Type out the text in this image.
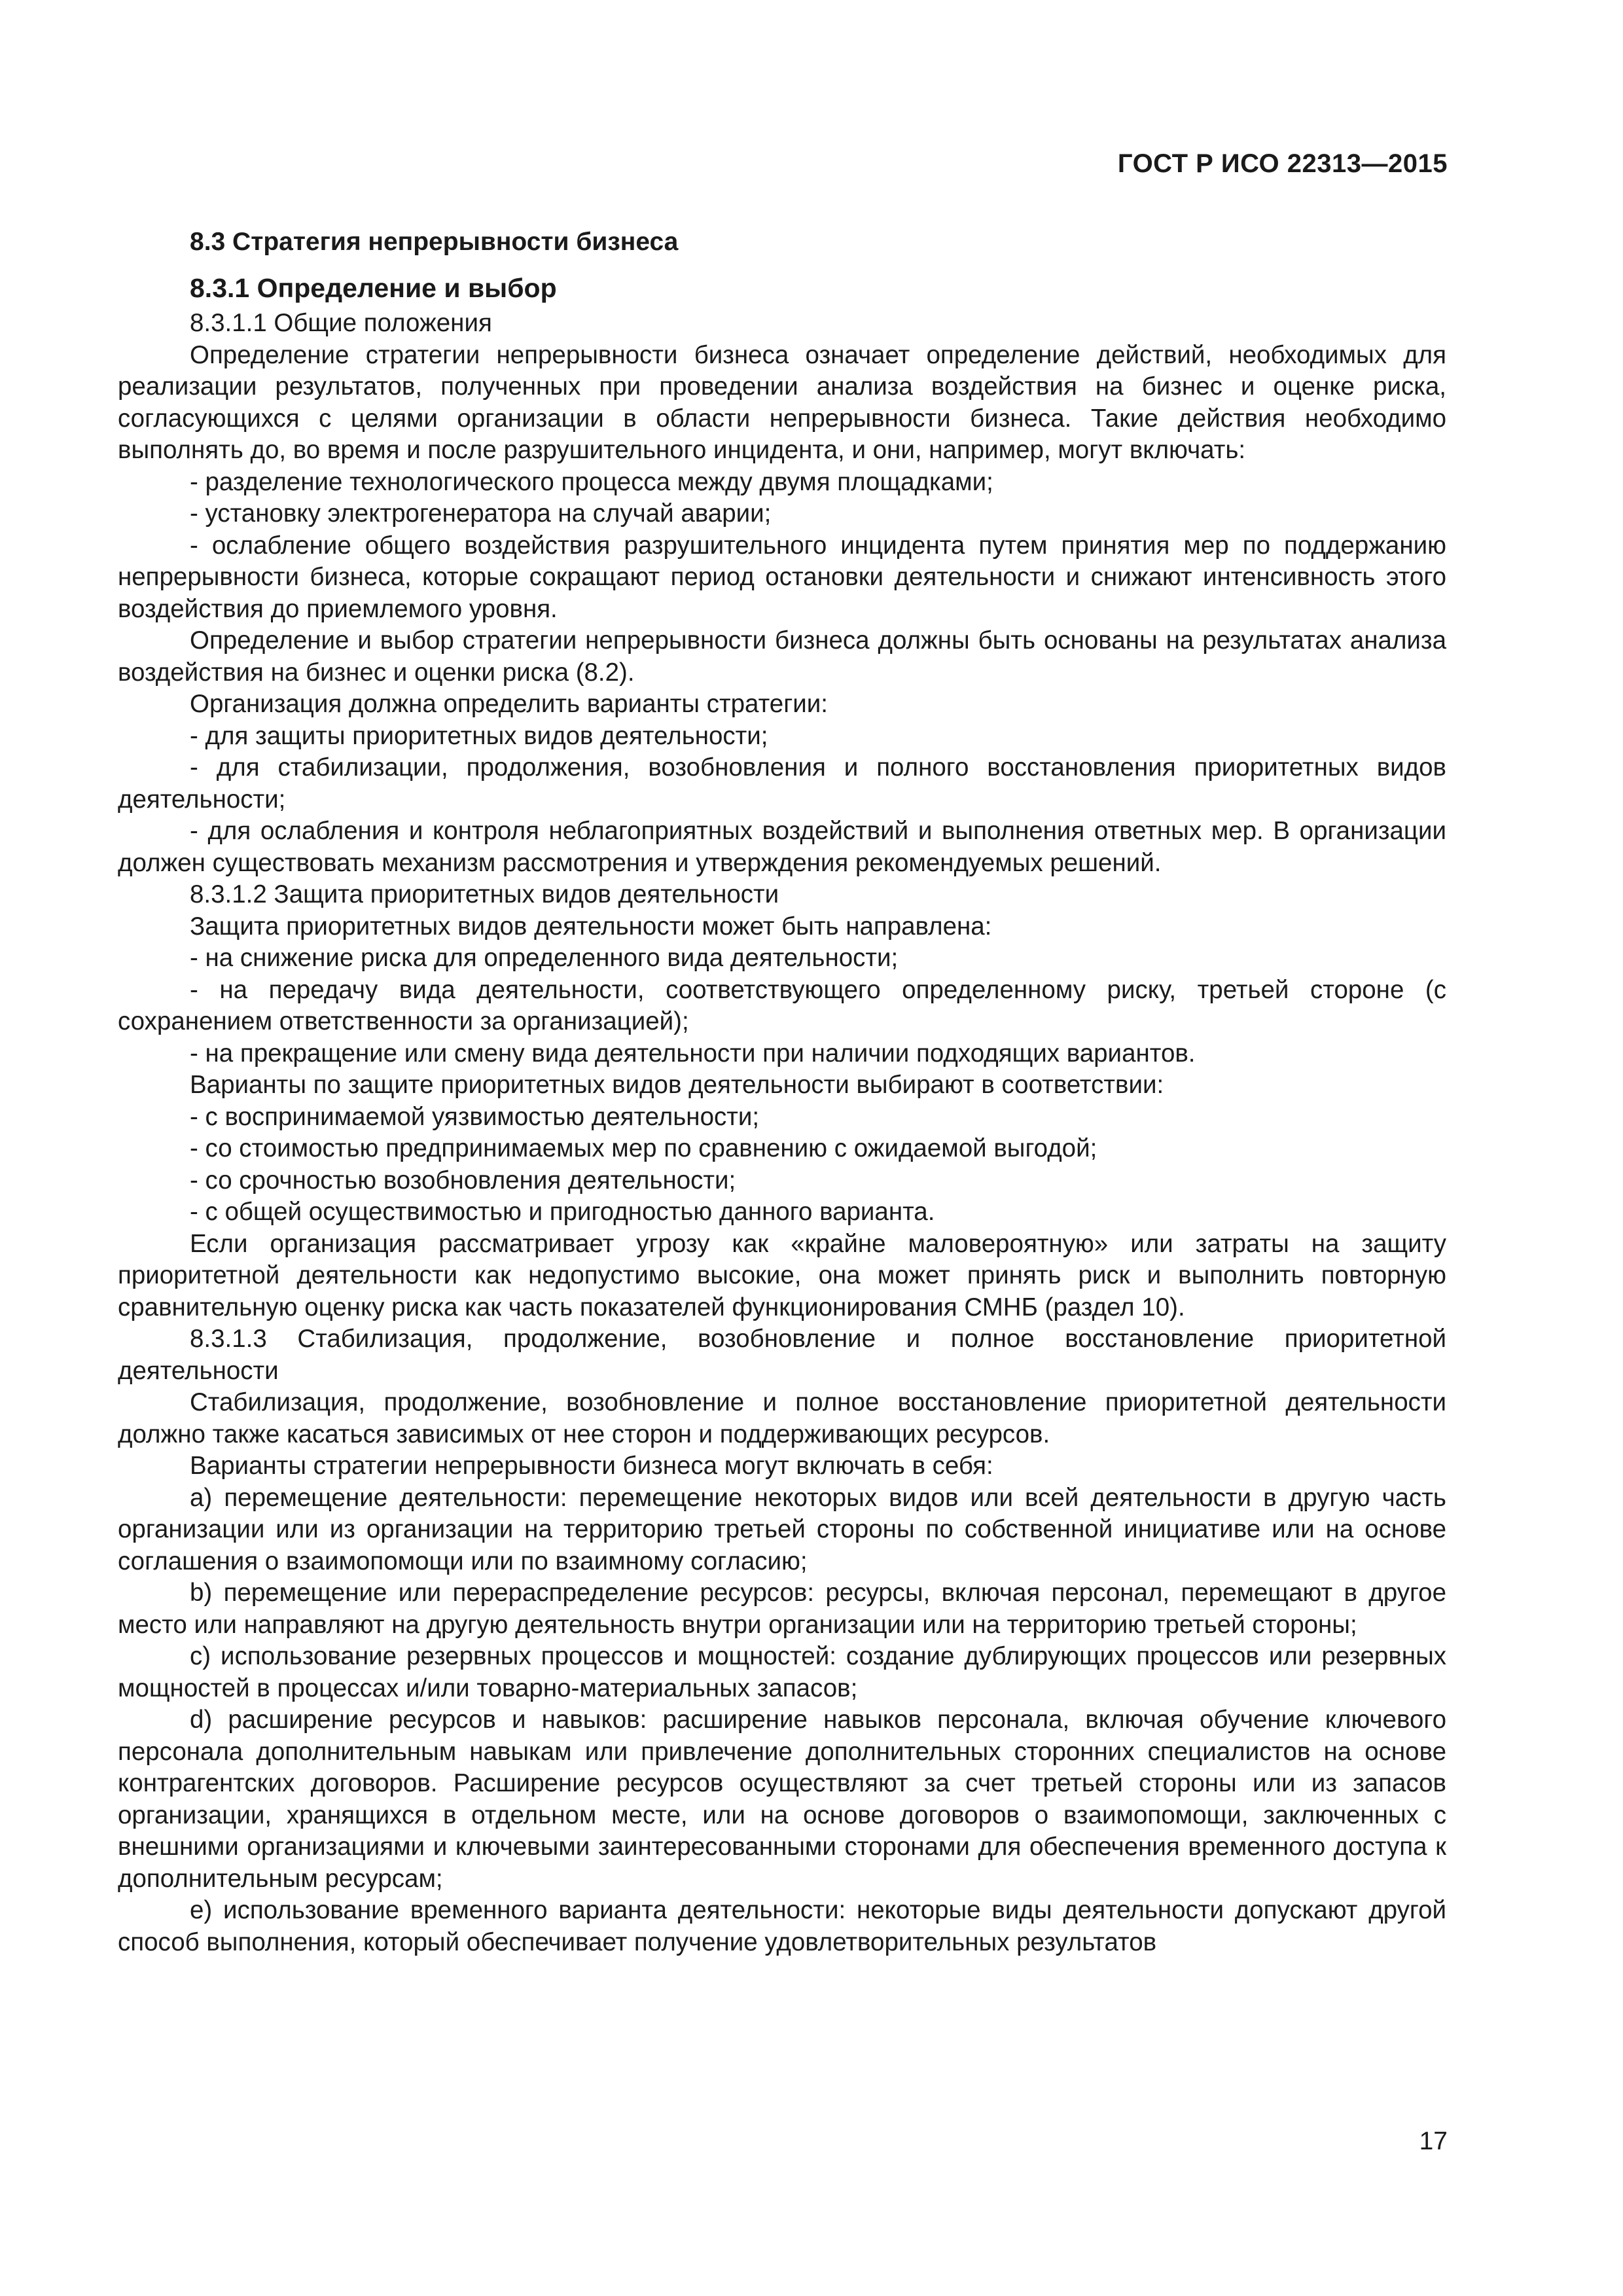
ГОСТ Р ИСО 22313—2015

8.3 Стратегия непрерывности бизнеса

8.3.1 Определение и выбор

8.3.1.1 Общие положения

Определение стратегии непрерывности бизнеса означает определение действий, необходимых для реализации результатов, полученных при проведении анализа воздействия на бизнес и оценке риска, согласующихся с целями организации в области непрерывности бизнеса. Такие действия необходимо выполнять до, во время и после разрушительного инцидента, и они, например, могут включать:

- разделение технологического процесса между двумя площадками;

- установку электрогенератора на случай аварии;

- ослабление общего воздействия разрушительного инцидента путем принятия мер по поддержанию непрерывности бизнеса, которые сокращают период остановки деятельности и снижают интенсивность этого воздействия до приемлемого уровня.

Определение и выбор стратегии непрерывности бизнеса должны быть основаны на результатах анализа воздействия на бизнес и оценки риска (8.2).

Организация должна определить варианты стратегии:

- для защиты приоритетных видов деятельности;

- для стабилизации, продолжения, возобновления и полного восстановления приоритетных видов деятельности;

- для ослабления и контроля неблагоприятных воздействий и выполнения ответных мер. В организации должен существовать механизм рассмотрения и утверждения рекомендуемых решений.

8.3.1.2 Защита приоритетных видов деятельности

Защита приоритетных видов деятельности может быть направлена:

- на снижение риска для определенного вида деятельности;

- на передачу вида деятельности, соответствующего определенному риску, третьей стороне (с сохранением ответственности за организацией);

- на прекращение или смену вида деятельности при наличии подходящих вариантов.

Варианты по защите приоритетных видов деятельности выбирают в соответствии:

- с воспринимаемой уязвимостью деятельности;

- со стоимостью предпринимаемых мер по сравнению с ожидаемой выгодой;

- со срочностью возобновления деятельности;

- с общей осуществимостью и пригодностью данного варианта.

Если организация рассматривает угрозу как «крайне маловероятную» или затраты на защиту приоритетной деятельности как недопустимо высокие, она может принять риск и выполнить повторную сравнительную оценку риска как часть показателей функционирования СМНБ (раздел 10).

8.3.1.3 Стабилизация, продолжение, возобновление и полное восстановление приоритетной деятельности

Стабилизация, продолжение, возобновление и полное восстановление приоритетной деятельности должно также касаться зависимых от нее сторон и поддерживающих ресурсов.

Варианты стратегии непрерывности бизнеса могут включать в себя:

a) перемещение деятельности: перемещение некоторых видов или всей деятельности в другую часть организации или из организации на территорию третьей стороны по собственной инициативе или на основе соглашения о взаимопомощи или по взаимному согласию;

b) перемещение или перераспределение ресурсов: ресурсы, включая персонал, перемещают в другое место или направляют на другую деятельность внутри организации или на территорию третьей стороны;

c) использование резервных процессов и мощностей: создание дублирующих процессов или резервных мощностей в процессах и/или товарно-материальных запасов;

d) расширение ресурсов и навыков: расширение навыков персонала, включая обучение ключевого персонала дополнительным навыкам или привлечение дополнительных сторонних специалистов на основе контрагентских договоров. Расширение ресурсов осуществляют за счет третьей стороны или из запасов организации, хранящихся в отдельном месте, или на основе договоров о взаимопомощи, заключенных с внешними организациями и ключевыми заинтересованными сторонами для обеспечения временного доступа к дополнительным ресурсам;

e) использование временного варианта деятельности: некоторые виды деятельности допускают другой способ выполнения, который обеспечивает получение удовлетворительных результатов

17
